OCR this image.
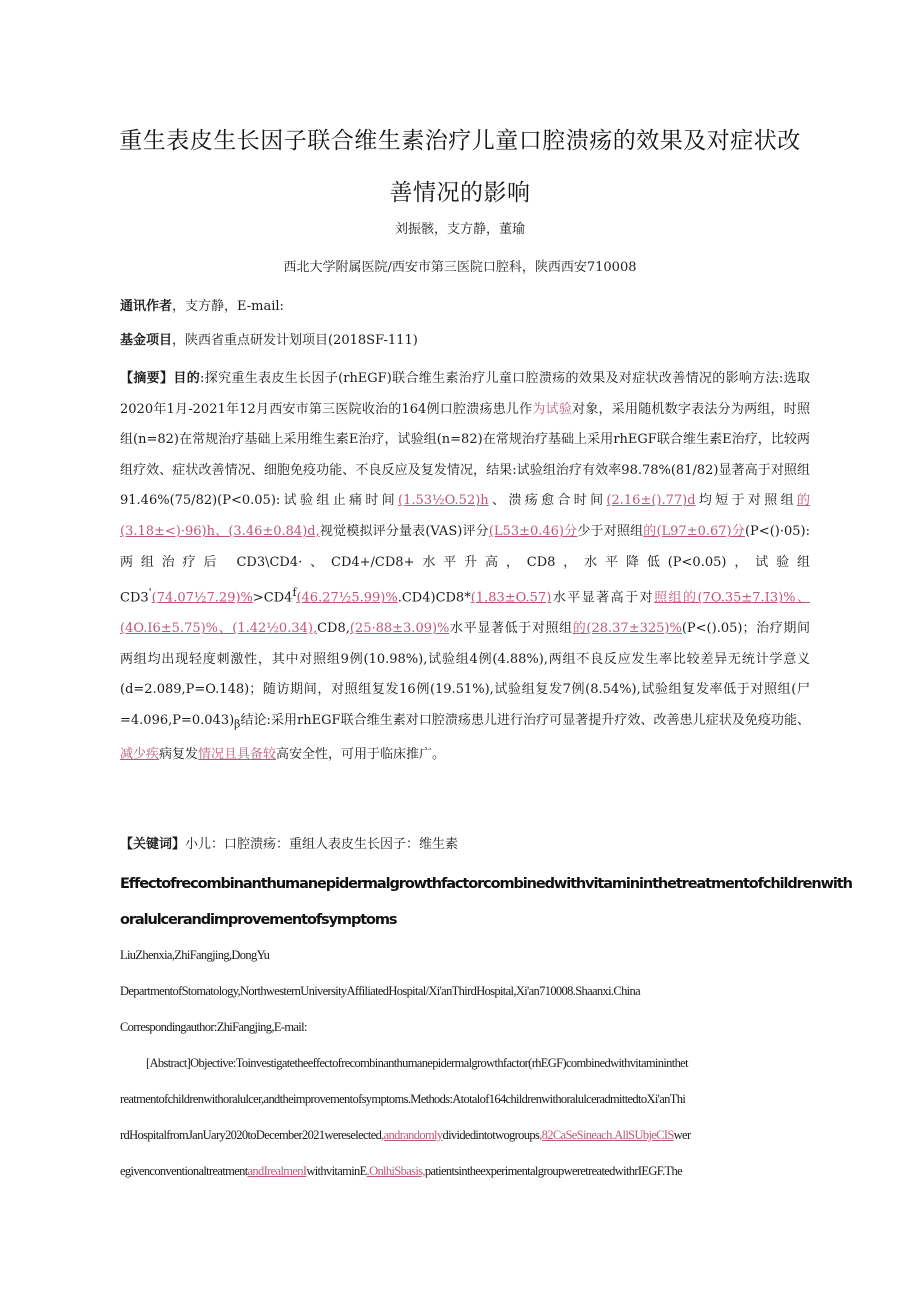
重生表皮生长因子联合维生素治疗儿童口腔溃疡的效果及对症状改
善情况的影响
刘振骸，支方静，董瑜
西北大学附属医院/西安市第三医院口腔科，陕西西安710008
通讯作者，支方静，E-mail:
基金项目，陕西省重点研发计划项目(2018SF-111)
【摘要】目的:探究重生表皮生长因子(rhEGF)联合维生素治疗儿童口腔溃疡的效果及对症状改善情况的影响方法:选取2020年1月-2021年12月西安市第三医院收治的164例口腔溃疡患儿作为试验对象，采用随机数字表法分为两组，时照组(n=82)在常规治疗基础上采用维生素E治疗，试验组(n=82)在常规治疗基础上采用rhEGF联合维生素E治疗，比较两组疗效、症状改善情况、细胞免疫功能、不良反应及复发情况，结果:试验组治疗有效率98.78%(81/82)显著高于对照组91.46%(75/82)(P<0.05):试验组止痛时间(1.53½O.52)h、溃疡愈合时间(2.16±().77)d均短于对照组的(3.18±<)·96)h、(3.46±0.84)d,视觉模拟评分量表(VAS)评分(L53±0.46)分少于对照组的(L97±0.67)分(P<()·05):两组治疗后 CD3\CD4·、CD4+/CD8+水平升高，CD8，水平降低(P<0.05)，试验组$CD3'(74.07\frac{1}{2}7.29)\%>CD4^f(46.27\frac{1}{2}5.99)\%.CD4)CD8*(1.83\pm O.57)$水平显著高于对照组的(7O.35±7.I3)%、(4O.I6±5.75)%、(1.42½0.34),CD8,(25·88±3.09)%水平显著低于对照组的(28.37±325)%(P<().05)；治疗期间两组均出现轻度刺激性，其中对照组9例(10.98%),试验组4例(4.88%),两组不良反应发生率比较差异无统计学意义(d=2.089,P=O.148)；随访期间，对照组复发16例(19.51%),试验组复发7例(8.54%),试验组复发率低于对照组(尸$=4.096,P=0.043)_\beta$结论:采用rhEGF联合维生素对口腔溃疡患儿进行治疗可显著提升疗效、改善患儿症状及免疫功能、减少疾病复发情况且具备较高安全性，可用于临床推广。
【关键词】小儿：口腔溃疡：重组人表皮生长因子：维生素
Effectofrecombinanthumanepidermalgrowthfactorcombinedwithvitamininthetreatmentofchildrenwith
oralulcerandimprovementofsymptoms
LiuZhenxia,ZhiFangjing,DongYu
DepartmentofStomatology,NorthwesternUniversityAffiliatedHospital/Xi'anThirdHospital,Xi'an710008.Shaanxi.China
Correspondingauthor:ZhiFangjing,E-mail:
[Abstract]Objective:Toinvestigatetheeffectofrecombinanthumanepidermalgrowthfactor(rhEGF)combinedwithvitamininthet
reatmentofchildrenwithoralulcer,andtheimprovementofsymptoms.Methods:Atotalof164childrenwithoralulceradmittedtoXi'anThi
rdHospitalfromJanUary2020toDecember2021wereselected,andrandomlydividedintotwogroups,82CaSeSineach.AllSUbjeCISwer
egivenconventionaltreatmentandIrealmenIwithvitaminE.OnlhiSbasis,patientsintheexperimentalgroupweretreatedwithrIEGF.The
